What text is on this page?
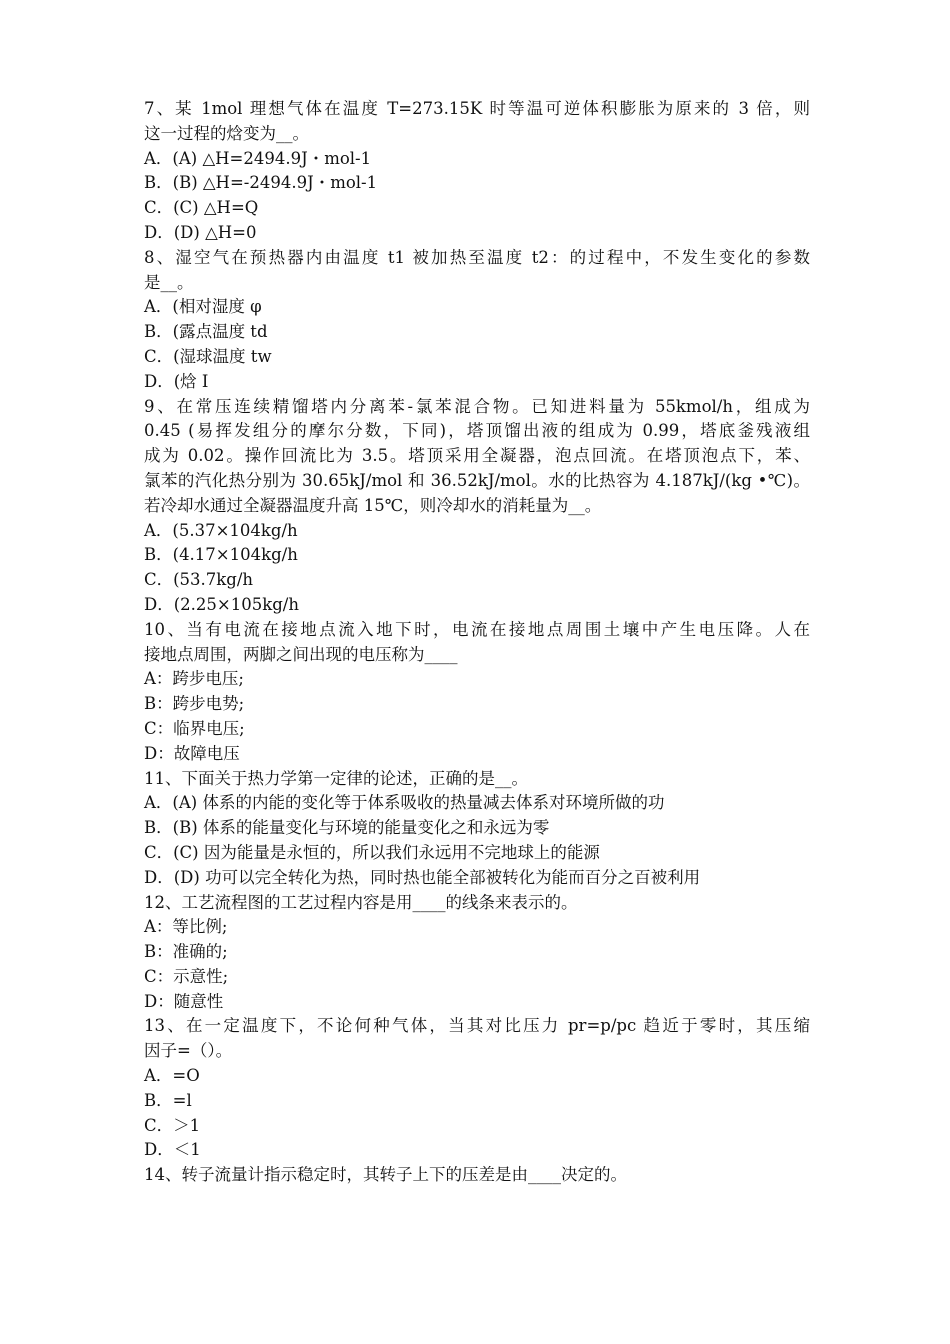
7、某 1mol 理想气体在温度 T=273.15K 时等温可逆体积膨胀为原来的 3 倍，则
这一过程的焓变为__。
A．(A) △H=2494.9J・mol-1
B．(B) △H=-2494.9J・mol-1
C．(C) △H=Q
D．(D) △H=0
8、湿空气在预热器内由温度 t1 被加热至温度 t2：的过程中，不发生变化的参数
是__。
A．(相对湿度 φ
B．(露点温度 td
C．(湿球温度 tw
D．(焓 I
9、在常压连续精馏塔内分离苯-氯苯混合物。已知进料量为 55kmol/h，组成为
0.45 (易挥发组分的摩尔分数，下同)，塔顶馏出液的组成为 0.99，塔底釜残液组
成为 0.02。操作回流比为 3.5。塔顶采用全凝器，泡点回流。在塔顶泡点下，苯、
氯苯的汽化热分别为 30.65kJ/mol 和 36.52kJ/mol。水的比热容为 4.187kJ/(kg •℃)。
若冷却水通过全凝器温度升高 15℃，则冷却水的消耗量为__。
A．(5.37×104kg/h
B．(4.17×104kg/h
C．(53.7kg/h
D．(2.25×105kg/h
10、当有电流在接地点流入地下时，电流在接地点周围土壤中产生电压降。人在
接地点周围，两脚之间出现的电压称为____
A：跨步电压;
B：跨步电势;
C：临界电压;
D：故障电压
11、下面关于热力学第一定律的论述，正确的是__。
A．(A) 体系的内能的变化等于体系吸收的热量减去体系对环境所做的功
B．(B) 体系的能量变化与环境的能量变化之和永远为零
C．(C) 因为能量是永恒的，所以我们永远用不完地球上的能源
D．(D) 功可以完全转化为热，同时热也能全部被转化为能而百分之百被利用
12、工艺流程图的工艺过程内容是用____的线条来表示的。
A：等比例;
B：准确的;
C：示意性;
D：随意性
13、在一定温度下，不论何种气体，当其对比压力 pr=p/pc 趋近于零时，其压缩
因子=（）。
A．=O
B．=l
C．＞1
D．＜1
14、转子流量计指示稳定时，其转子上下的压差是由____决定的。
